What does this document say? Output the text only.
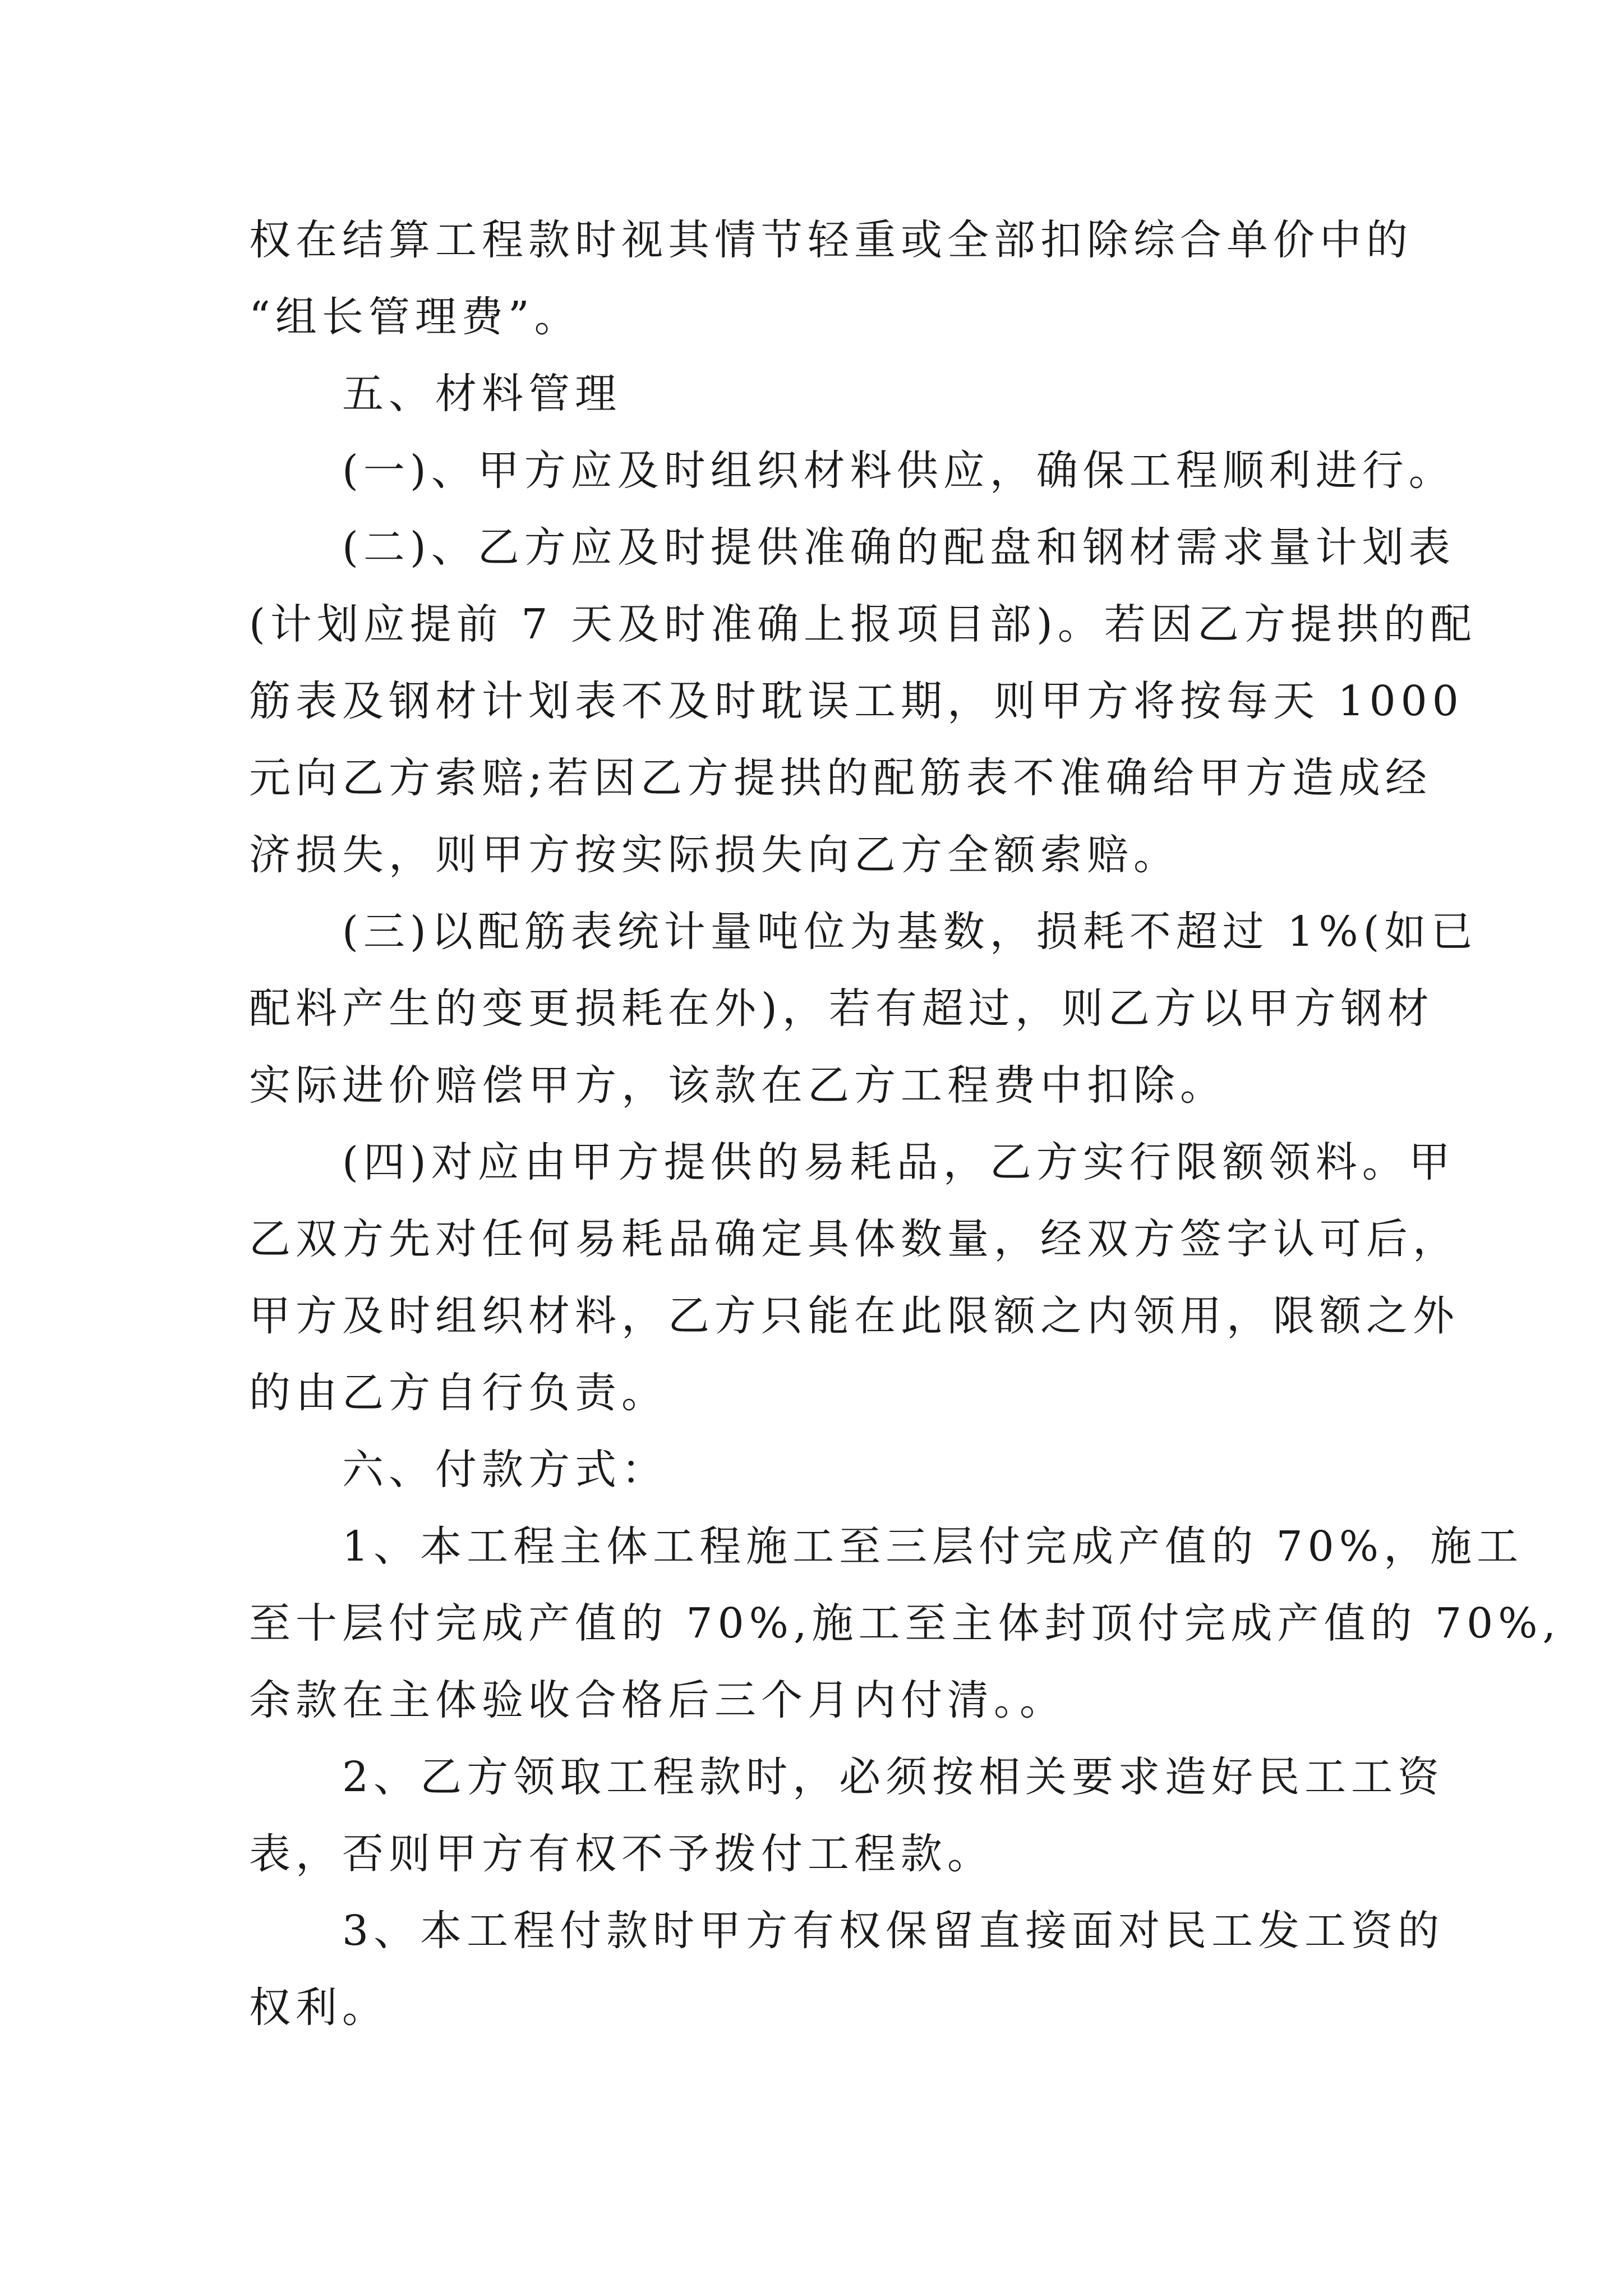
权在结算工程款时视其情节轻重或全部扣除综合单价中的
“组长管理费”。
五、材料管理
(一)、甲方应及时组织材料供应，确保工程顺利进行。
(二)、乙方应及时提供准确的配盘和钢材需求量计划表
(计划应提前 7 天及时准确上报项目部)。若因乙方提拱的配
筋表及钢材计划表不及时耽误工期，则甲方将按每天 1000
元向乙方索赔;若因乙方提拱的配筋表不准确给甲方造成经
济损失，则甲方按实际损失向乙方全额索赔。
(三)以配筋表统计量吨位为基数，损耗不超过 1%(如已
配料产生的变更损耗在外)，若有超过，则乙方以甲方钢材
实际进价赔偿甲方，该款在乙方工程费中扣除。
(四)对应由甲方提供的易耗品，乙方实行限额领料。甲
乙双方先对任何易耗品确定具体数量，经双方签字认可后，
甲方及时组织材料，乙方只能在此限额之内领用，限额之外
的由乙方自行负责。
六、付款方式：
1、本工程主体工程施工至三层付完成产值的 70%，施工
至十层付完成产值的 70%,施工至主体封顶付完成产值的 70%,
余款在主体验收合格后三个月内付清。。
2、乙方领取工程款时，必须按相关要求造好民工工资
表，否则甲方有权不予拨付工程款。
3、本工程付款时甲方有权保留直接面对民工发工资的
权利。
